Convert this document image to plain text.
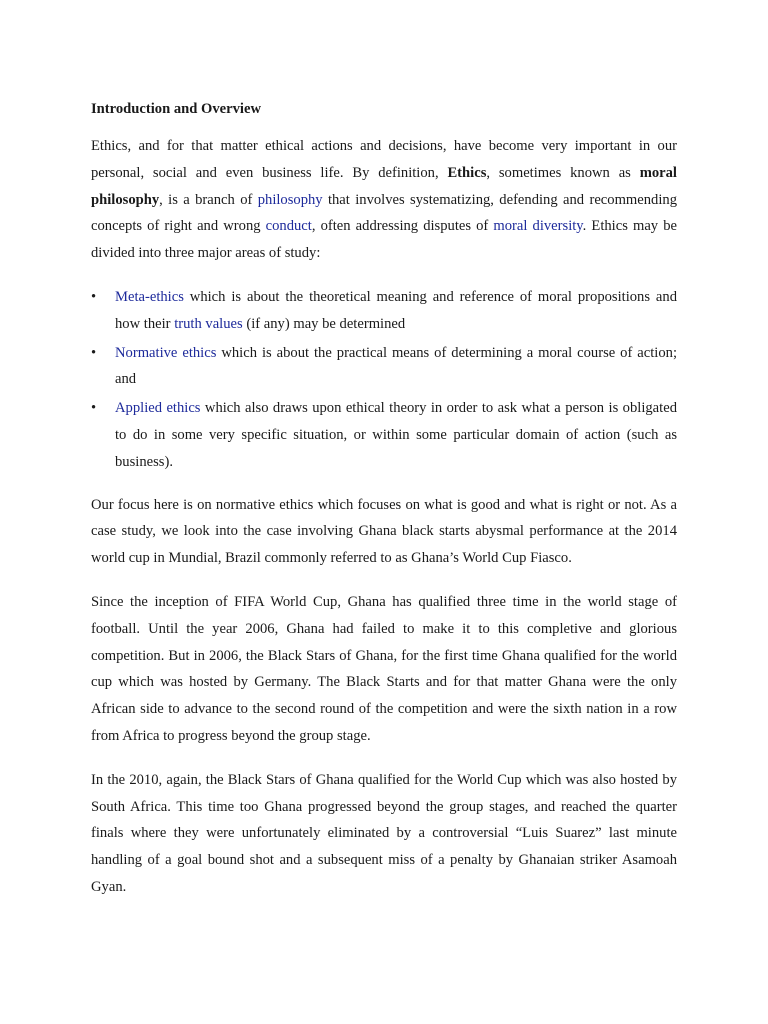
Introduction and Overview

Ethics, and for that matter ethical actions and decisions, have become very important in our personal, social and even business life. By definition, Ethics, sometimes known as moral philosophy, is a branch of philosophy that involves systematizing, defending and recommending concepts of right and wrong conduct, often addressing disputes of moral diversity. Ethics may be divided into three major areas of study:

•	Meta-ethics which is about the theoretical meaning and reference of moral propositions and how their truth values (if any) may be determined
•	Normative ethics which is about the practical means of determining a moral course of action; and
•	Applied ethics which also draws upon ethical theory in order to ask what a person is obligated to do in some very specific situation, or within some particular domain of action (such as business).

Our focus here is on normative ethics which focuses on what is good and what is right or not. As a case study, we look into the case involving Ghana black starts abysmal performance at the 2014 world cup in Mundial, Brazil commonly referred to as Ghana’s World Cup Fiasco.

Since the inception of FIFA World Cup, Ghana has qualified three time in the world stage of football. Until the year 2006, Ghana had failed to make it to this completive and glorious competition. But in 2006, the Black Stars of Ghana, for the first time Ghana qualified for the world cup which was hosted by Germany. The Black Starts and for that matter Ghana were the only African side to advance to the second round of the competition and were the sixth nation in a row from Africa to progress beyond the group stage.

In the 2010, again, the Black Stars of Ghana qualified for the World Cup which was also hosted by South Africa. This time too Ghana progressed beyond the group stages, and reached the quarter finals where they were unfortunately eliminated by a controversial “Luis Suarez” last minute handling of a goal bound shot and a subsequent miss of a penalty by Ghanaian striker Asamoah Gyan.
